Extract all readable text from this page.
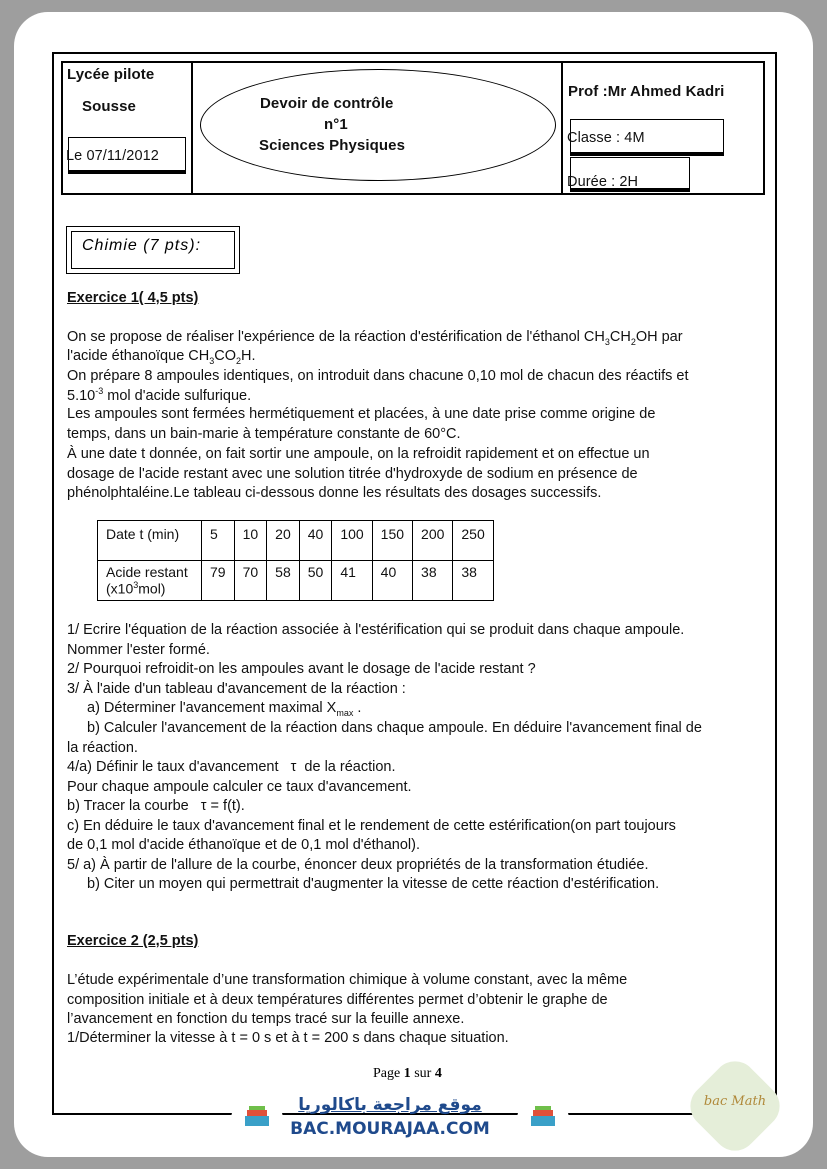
Lycée pilote
Sousse
Le 07/11/2012
Devoir de contrôle
n°1
Sciences Physiques
Prof :Mr Ahmed Kadri
Classe : 4M
Durée : 2H
Chimie (7 pts):
Exercice 1( 4,5 pts)
On se propose de réaliser l'expérience de la réaction d'estérification de l'éthanol $CH_3CH_2OH$ par
l'acide éthanoïque $CH_3CO_2H$.
On prépare 8 ampoules identiques, on introduit dans chacune 0,10 mol de chacun des réactifs et
$5.10^{-3}$ mol d'acide sulfurique.
Les ampoules sont fermées hermétiquement et placées, à une date prise comme origine de
temps, dans un bain-marie à température constante de 60°C.
À une date t donnée, on fait sortir une ampoule, on la refroidit rapidement et on effectue un
dosage de l'acide restant avec une solution titrée d'hydroxyde de sodium en présence de
phénolphtaléine.Le tableau ci-dessous donne les résultats des dosages successifs.
Date t (min)	5	10	20	40	100	150	200	250
Acide restant
$(x10^3mol)$	79	70	58	50	41	40	38	38
1/ Ecrire l'équation de la réaction associée à l'estérification qui se produit dans chaque ampoule.
Nommer l'ester formé.
2/ Pourquoi refroidit-on les ampoules avant le dosage de l'acide restant ?
3/ À l'aide d'un tableau d'avancement de la réaction :
a) Déterminer l'avancement maximal $X_{max}$ .
b) Calculer l'avancement de la réaction dans chaque ampoule. En déduire l'avancement final de
la réaction.
4/a) Définir le taux d'avancement   τ  de la réaction.
Pour chaque ampoule calculer ce taux d'avancement.
b) Tracer la courbe   τ = f(t).
c) En déduire le taux d'avancement final et le rendement de cette estérification(on part toujours
de 0,1 mol d'acide éthanoïque et de 0,1 mol d'éthanol).
5/ a) À partir de l'allure de la courbe, énoncer deux propriétés de la transformation étudiée.
b) Citer un moyen qui permettrait d'augmenter la vitesse de cette réaction d'estérification.
Exercice 2 (2,5 pts)
L’étude expérimentale d’une transformation chimique à volume constant, avec la même
composition initiale et à deux températures différentes permet d’obtenir le graphe de
l’avancement en fonction du temps tracé sur la feuille annexe.
1/Déterminer la vitesse à t = 0 s et à t = 200 s dans chaque situation.
Page 1 sur 4
موقع مراجعة باكالوريا
BAC.MOURAJAA.COM
bac Math
